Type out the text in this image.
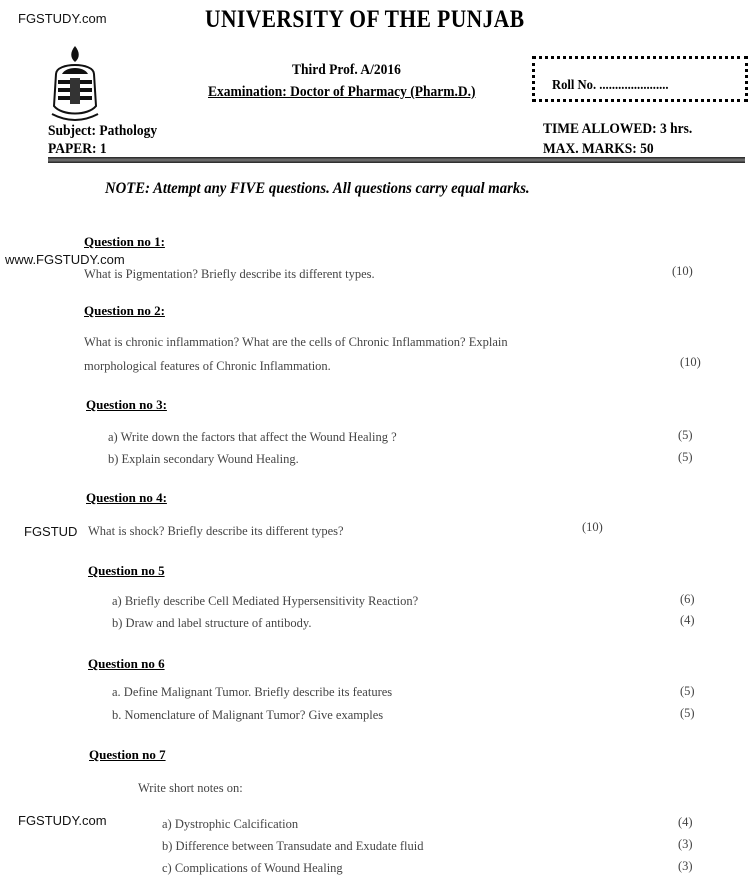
FGSTUDY.com	UNIVERSITY OF THE PUNJAB
Third Prof. A/2016
Examination: Doctor of Pharmacy (Pharm.D.)	Roll No. ......................
Subject: Pathology
PAPER: 1
TIME ALLOWED: 3 hrs.
MAX. MARKS: 50
NOTE: Attempt any FIVE questions. All questions carry equal marks.
Question no 1:
www.FGSTUDY.com
What is Pigmentation? Briefly describe its different types.	(10)
Question no 2:
What is chronic inflammation? What are the cells of Chronic Inflammation? Explain
morphological features of Chronic Inflammation.	(10)
Question no 3:
a) Write down the factors that affect the Wound Healing ?	(5)
b) Explain secondary Wound Healing.	(5)
Question no 4:
FGSTUD What is shock? Briefly describe its different types?	(10)
Question no 5
a) Briefly describe Cell Mediated Hypersensitivity Reaction?	(6)
b) Draw and label structure of antibody.	(4)
Question no 6
a. Define Malignant Tumor. Briefly describe its features	(5)
b. Nomenclature of Malignant Tumor? Give examples	(5)
Question no 7
Write short notes on:
FGSTUDY.com	a) Dystrophic Calcification	(4)
b) Difference between Transudate and Exudate fluid	(3)
c) Complications of Wound Healing	(3)
